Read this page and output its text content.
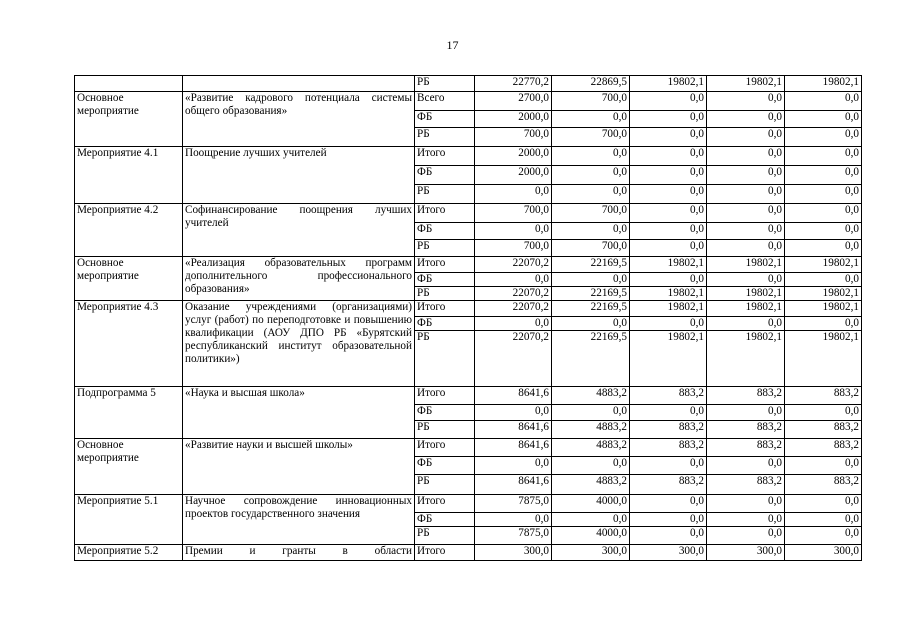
17
		РБ	22770,2	22869,5	19802,1	19802,1	19802,1
Основное мероприятие	«Развитие кадрового потенциала системы общего образования»	Всего	2700,0	700,0	0,0	0,0	0,0
		ФБ	2000,0	0,0	0,0	0,0	0,0
		РБ	700,0	700,0	0,0	0,0	0,0
Мероприятие 4.1	Поощрение лучших учителей	Итого	2000,0	0,0	0,0	0,0	0,0
		ФБ	2000,0	0,0	0,0	0,0	0,0
		РБ	0,0	0,0	0,0	0,0	0,0
Мероприятие 4.2	Софинансирование поощрения лучших учителей	Итого	700,0	700,0	0,0	0,0	0,0
		ФБ	0,0	0,0	0,0	0,0	0,0
		РБ	700,0	700,0	0,0	0,0	0,0
Основное мероприятие	«Реализация образовательных программ дополнительного профессионального образования»	Итого	22070,2	22169,5	19802,1	19802,1	19802,1
		ФБ	0,0	0,0	0,0	0,0	0,0
		РБ	22070,2	22169,5	19802,1	19802,1	19802,1
Мероприятие 4.3	Оказание учреждениями (организациями) услуг (работ) по переподготовке и повышению квалификации (АОУ ДПО РБ «Бурятский республиканский институт образовательной политики»)	Итого	22070,2	22169,5	19802,1	19802,1	19802,1
		ФБ	0,0	0,0	0,0	0,0	0,0
		РБ	22070,2	22169,5	19802,1	19802,1	19802,1
Подпрограмма 5	«Наука и высшая школа»	Итого	8641,6	4883,2	883,2	883,2	883,2
		ФБ	0,0	0,0	0,0	0,0	0,0
		РБ	8641,6	4883,2	883,2	883,2	883,2
Основное мероприятие	«Развитие науки и высшей школы»	Итого	8641,6	4883,2	883,2	883,2	883,2
		ФБ	0,0	0,0	0,0	0,0	0,0
		РБ	8641,6	4883,2	883,2	883,2	883,2
Мероприятие 5.1	Научное сопровождение инновационных проектов государственного значения	Итого	7875,0	4000,0	0,0	0,0	0,0
		ФБ	0,0	0,0	0,0	0,0	0,0
		РБ	7875,0	4000,0	0,0	0,0	0,0
Мероприятие 5.2	Премии и гранты в области	Итого	300,0	300,0	300,0	300,0	300,0
